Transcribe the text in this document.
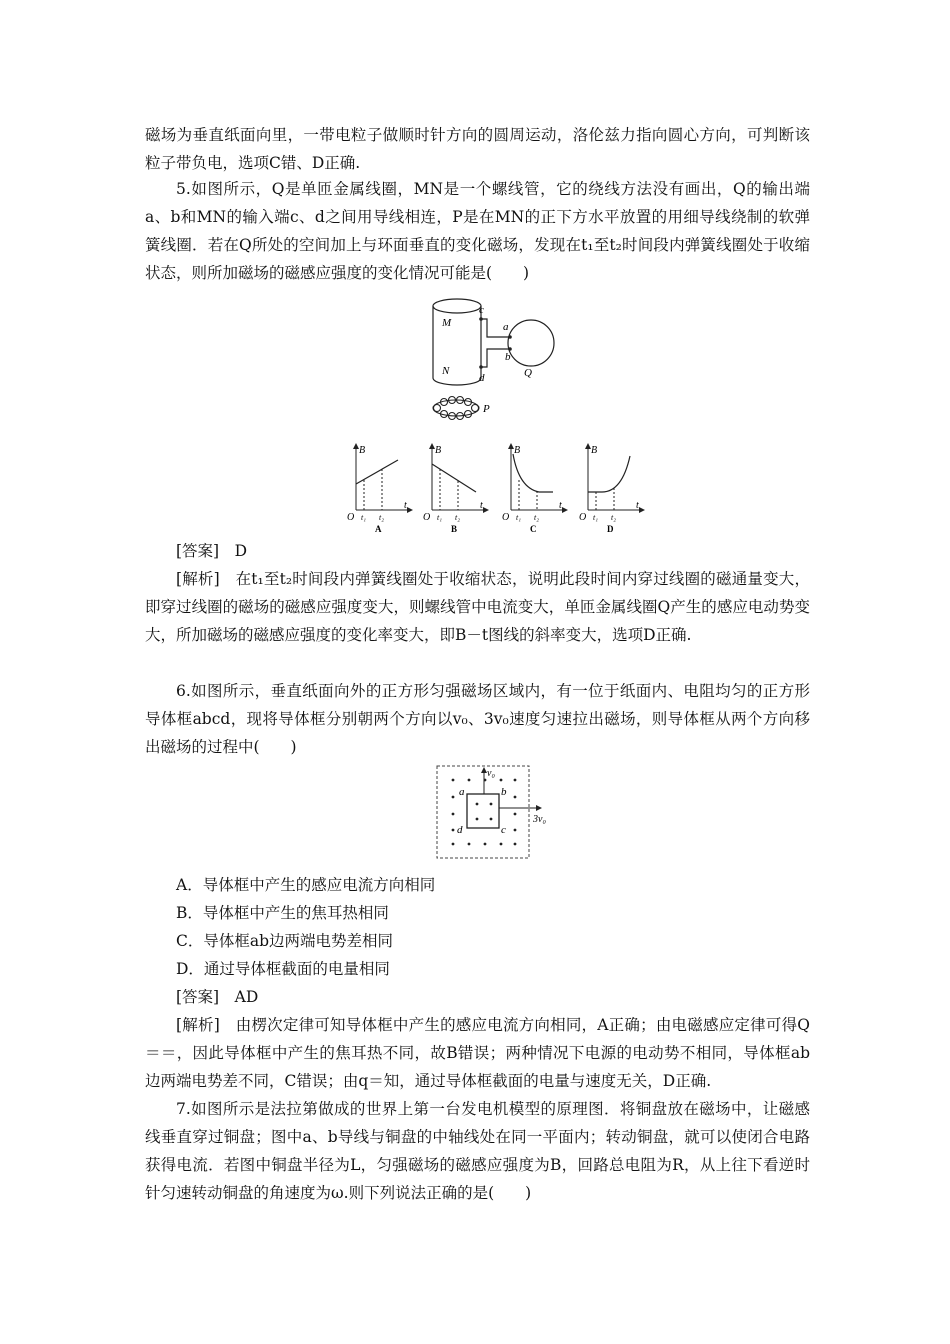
磁场为垂直纸面向里，一带电粒子做顺时针方向的圆周运动，洛伦兹力指向圆心方向，可判断该粒子带负电，选项C错、D正确.

5.如图所示，Q是单匝金属线圈，MN是一个螺线管，它的绕线方法没有画出，Q的输出端a、b和MN的输入端c、d之间用导线相连，P是在MN的正下方水平放置的用细导线绕制的软弹簧线圈．若在Q所处的空间加上与环面垂直的变化磁场，发现在t₁至t₂时间段内弹簧线圈处于收缩状态，则所加磁场的磁感应强度的变化情况可能是(　　)

M
N
c
d
a
b
Q
P
B
t
O t₁ t₂
A
B
t
O t₁ t₂
B
B
t
O t₁ t₂
C
B
t
O t₁ t₂
D

[答案]　 D

[解析]　 在t₁至t₂时间段内弹簧线圈处于收缩状态，说明此段时间内穿过线圈的磁通量变大，即穿过线圈的磁场的磁感应强度变大，则螺线管中电流变大，单匝金属线圈Q产生的感应电动势变大，所加磁场的磁感应强度的变化率变大，即B－t图线的斜率变大，选项D正确.

6.如图所示，垂直纸面向外的正方形匀强磁场区域内，有一位于纸面内、电阻均匀的正方形导体框abcd，现将导体框分别朝两个方向以v₀、3v₀速度匀速拉出磁场，则导体框从两个方向移出磁场的过程中(　　)

a	b
c
d
v₀
3v₀

A．导体框中产生的感应电流方向相同

B．导体框中产生的焦耳热相同

C．导体框ab边两端电势差相同

D．通过导体框截面的电量相同

[答案]　 AD

[解析]　 由楞次定律可知导体框中产生的感应电流方向相同，A正确；由电磁感应定律可得Q＝＝，因此导体框中产生的焦耳热不同，故B错误；两种情况下电源的电动势不相同，导体框ab边两端电势差不同，C错误；由q＝知，通过导体框截面的电量与速度无关，D正确.

7.如图所示是法拉第做成的世界上第一台发电机模型的原理图．将铜盘放在磁场中，让磁感线垂直穿过铜盘；图中a、b导线与铜盘的中轴线处在同一平面内；转动铜盘，就可以使闭合电路获得电流．若图中铜盘半径为L，匀强磁场的磁感应强度为B，回路总电阻为R，从上往下看逆时针匀速转动铜盘的角速度为ω.则下列说法正确的是(　　)
